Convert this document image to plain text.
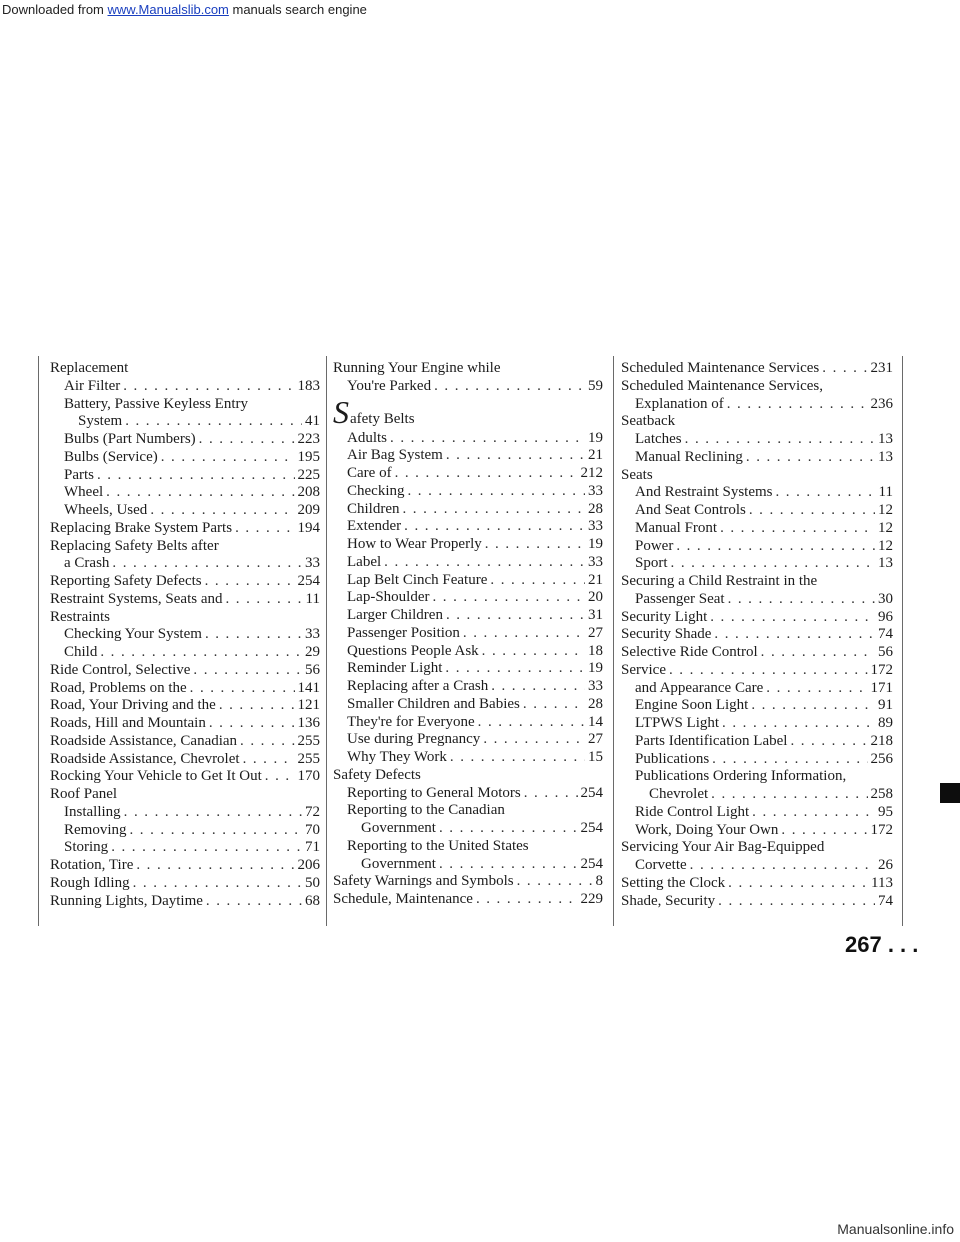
Downloaded from www.Manualslib.com manuals search engine
Replacement
Air Filter . . .	183
Battery, Passive Keyless Entry
System . . .	41
Bulbs (Part Numbers) . . .	223
Bulbs (Service) . . .	195
Parts . . .	225
Wheel . . .	208
Wheels, Used . . .	209
Replacing Brake System Parts . . .	194
Replacing Safety Belts after
a Crash . . .	33
Reporting Safety Defects . . .	254
Restraint Systems, Seats and . . .	11
Restraints
Checking Your System . . .	33
Child . . .	29
Ride Control, Selective . . .	56
Road, Problems on the . . .	141
Road, Your Driving and the . . .	121
Roads, Hill and Mountain . . .	136
Roadside Assistance, Canadian . . .	255
Roadside Assistance, Chevrolet . . .	255
Rocking Your Vehicle to Get It Out . . . 170
Roof Panel
Installing . . .	72
Removing . . .	70
Storing . . .	71
Rotation, Tire . . .	206
Rough Idling . . .	50
Running Lights, Daytime . . .	68
Running Your Engine while
You're Parked . . .	59
Safety Belts
Adults . . .	19
Air Bag System . . .	21
Care of . . .	212
Checking . . .	33
Children . . .	28
Extender . . .	33
How to Wear Properly . . .	19
Label . . .	33
Lap Belt Cinch Feature . . .	21
Lap-Shoulder . . .	20
Larger Children . . .	31
Passenger Position . . .	27
Questions People Ask . . .	18
Reminder Light . . .	19
Replacing after a Crash . . .	33
Smaller Children and Babies . . .	28
They're for Everyone . . .	14
Use during Pregnancy . . .	27
Why They Work . . .	15
Safety Defects
Reporting to General Motors . . .	254
Reporting to the Canadian
Government . . .	254
Reporting to the United States
Government . . .	254
Safety Warnings and Symbols . . .	8
Schedule, Maintenance . . .	229
Scheduled Maintenance Services . . .	231
Scheduled Maintenance Services,
Explanation of . . .	236
Seatback
Latches . . .	13
Manual Reclining . . .	13
Seats
And Restraint Systems . . .	11
And Seat Controls . . .	12
Manual Front . . .	12
Power . . .	12
Sport . . .	13
Securing a Child Restraint in the
Passenger Seat . . .	30
Security Light . . .	96
Security Shade . . .	74
Selective Ride Control . . .	56
Service . . .	172
and Appearance Care . . .	171
Engine Soon Light . . .	91
LTPWS Light . . .	89
Parts Identification Label . . .	218
Publications . . .	256
Publications Ordering Information,
Chevrolet . . .	258
Ride Control Light . . .	95
Work, Doing Your Own . . .	172
Servicing Your Air Bag-Equipped
Corvette . . .	26
Setting the Clock . . .	113
Shade, Security . . .	74
267 . . .
Manualsonline.info
